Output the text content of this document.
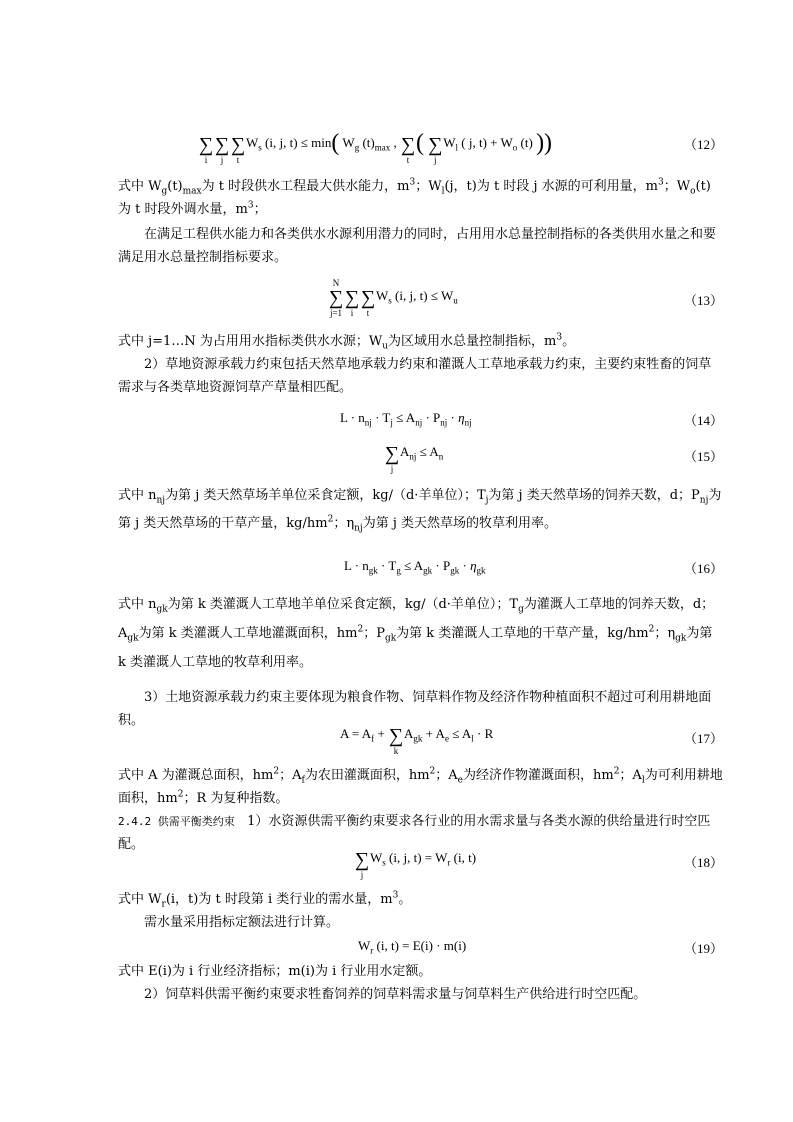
∑
i
∑
j
∑
t
$W_s$ (i, j, t) ≤ min( $W_g$ $(t)_{max}$ , ∑
t
( ∑
j
$W_l$ ( j, $t) + W_o$ (t) ))	（12）

式中 $W_g(t)_{max}$为 t 时段供水工程最大供水能力，$m^3$；$W_l(j$，t)为 t 时段 j 水源的可利用量，$m^3$；$W_o(t)$为 t 时段外调水量，$m^3$；

在满足工程供水能力和各类供水水源利用潜力的同时，占用用水总量控制指标的各类供用水量之和要满足用水总量控制指标要求。

N
∑
j=1
∑
i
∑
t
$W_s$ (i, j, $t) \le W_u$	（13）

式中 j=1…N 为占用用水指标类供水水源；$W_u$为区域用水总量控制指标，$m^3$。

2）草地资源承载力约束包括天然草地承载力约束和灌溉人工草地承载力约束，主要约束牲畜的饲草需求与各类草地资源饲草产草量相匹配。

$L \cdot n_{nj} \cdot T_j \le A_{nj} \cdot P_{nj} \cdot \eta_{nj}$	（14）
∑
j
$A_{nj} \le A_n$	（15）

式中 $n_{nj}$为第 j 类天然草场羊单位采食定额，kg/（d·羊单位）；$T_j$为第 j 类天然草场的饲养天数，d；$P_{nj}$为第 j 类天然草场的干草产量，$kg/hm^2$；$\eta_{nj}$为第 j 类天然草场的牧草利用率。

$L \cdot n_{gk} \cdot T_g \le A_{gk} \cdot P_{gk} \cdot \eta_{gk}$	（16）

式中 $n_{gk}$为第 k 类灌溉人工草地羊单位采食定额，kg/（d·羊单位）；$T_g$为灌溉人工草地的饲养天数，d；$A_{gk}$为第 k 类灌溉人工草地灌溉面积，$hm^2$；$P_{gk}$为第 k 类灌溉人工草地的干草产量，$kg/hm^2$；$\eta_{gk}$为第 k 类灌溉人工草地的牧草利用率。

3）土地资源承载力约束主要体现为粮食作物、饲草料作物及经济作物种植面积不超过可利用耕地面积。

$A = A_f$ + ∑
k
$A_{gk} + A_e \le A_l \cdot R$	（17）

式中 A 为灌溉总面积，$hm^2$；$A_f$为农田灌溉面积，$hm^2$；$A_e$为经济作物灌溉面积，$hm^2$；$A_l$为可利用耕地面积，$hm^2$；R 为复种指数。

2.4.2 供需平衡类约束 1）水资源供需平衡约束要求各行业的用水需求量与各类水源的供给量进行时空匹配。

∑
j
$W_s$ (i, j, $t) = W_r$ (i, t)	（18）

式中 $W_r(i$，t)为 t 时段第 i 类行业的需水量，$m^3$。

需水量采用指标定额法进行计算。

$W_r$ (i, t) = E(i) · m(i)	（19）

式中 E(i)为 i 行业经济指标；m(i)为 i 行业用水定额。

2）饲草料供需平衡约束要求牲畜饲养的饲草料需求量与饲草料生产供给进行时空匹配。
